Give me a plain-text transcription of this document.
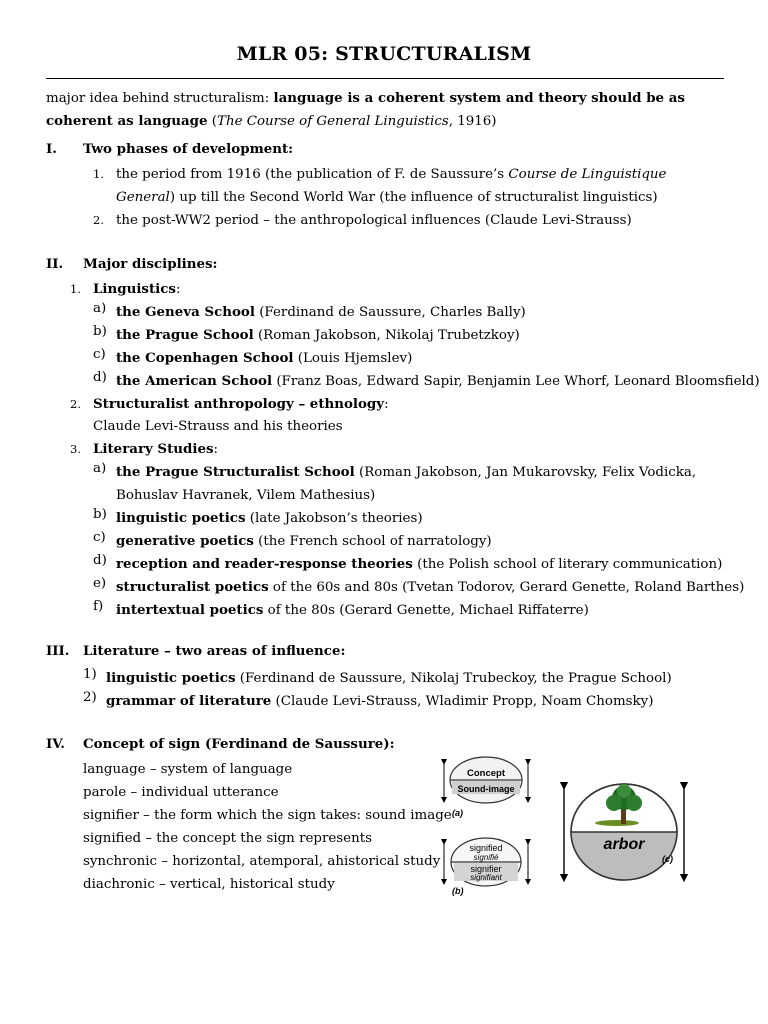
MLR 05: STRUCTURALISM
major idea behind structuralism: language is a coherent system and theory should be as coherent as language (The Course of General Linguistics, 1916)
I. Two phases of development:
1. the period from 1916 (the publication of F. de Saussure’s Course de Linguistique General) up till the Second World War (the influence of structuralist linguistics)
2. the post-WW2 period – the anthropological influences (Claude Levi-Strauss)
II. Major disciplines:
1. Linguistics:
a) the Geneva School (Ferdinand de Saussure, Charles Bally)
b) the Prague School (Roman Jakobson, Nikolaj Trubetzkoy)
c) the Copenhagen School (Louis Hjemslev)
d) the American School (Franz Boas, Edward Sapir, Benjamin Lee Whorf, Leonard Bloomsfield)
2. Structuralist anthropology – ethnology:
Claude Levi-Strauss and his theories
3. Literary Studies:
a) the Prague Structuralist School (Roman Jakobson, Jan Mukarovsky, Felix Vodicka, Bohuslav Havranek, Vilem Mathesius)
b) linguistic poetics (late Jakobson’s theories)
c) generative poetics (the French school of narratology)
d) reception and reader-response theories (the Polish school of literary communication)
e) structuralist poetics of the 60s and 80s (Tvetan Todorov, Gerard Genette, Roland Barthes)
f) intertextual poetics of the 80s (Gerard Genette, Michael Riffaterre)
III. Literature – two areas of influence:
1) linguistic poetics (Ferdinand de Saussure, Nikolaj Trubeckoy, the Prague School)
2) grammar of literature (Claude Levi-Strauss, Wladimir Propp, Noam Chomsky)
IV. Concept of sign (Ferdinand de Saussure):
language – system of language
parole – individual utterance
signifier – the form which the sign takes: sound image
signified – the concept the sign represents
synchronic – horizontal, atemporal, ahistorical study
diachronic – vertical, historical study
Concept
Sound-image
(a)
signified
signifié
signifier
signifiant
(b)
arbor
(c)
